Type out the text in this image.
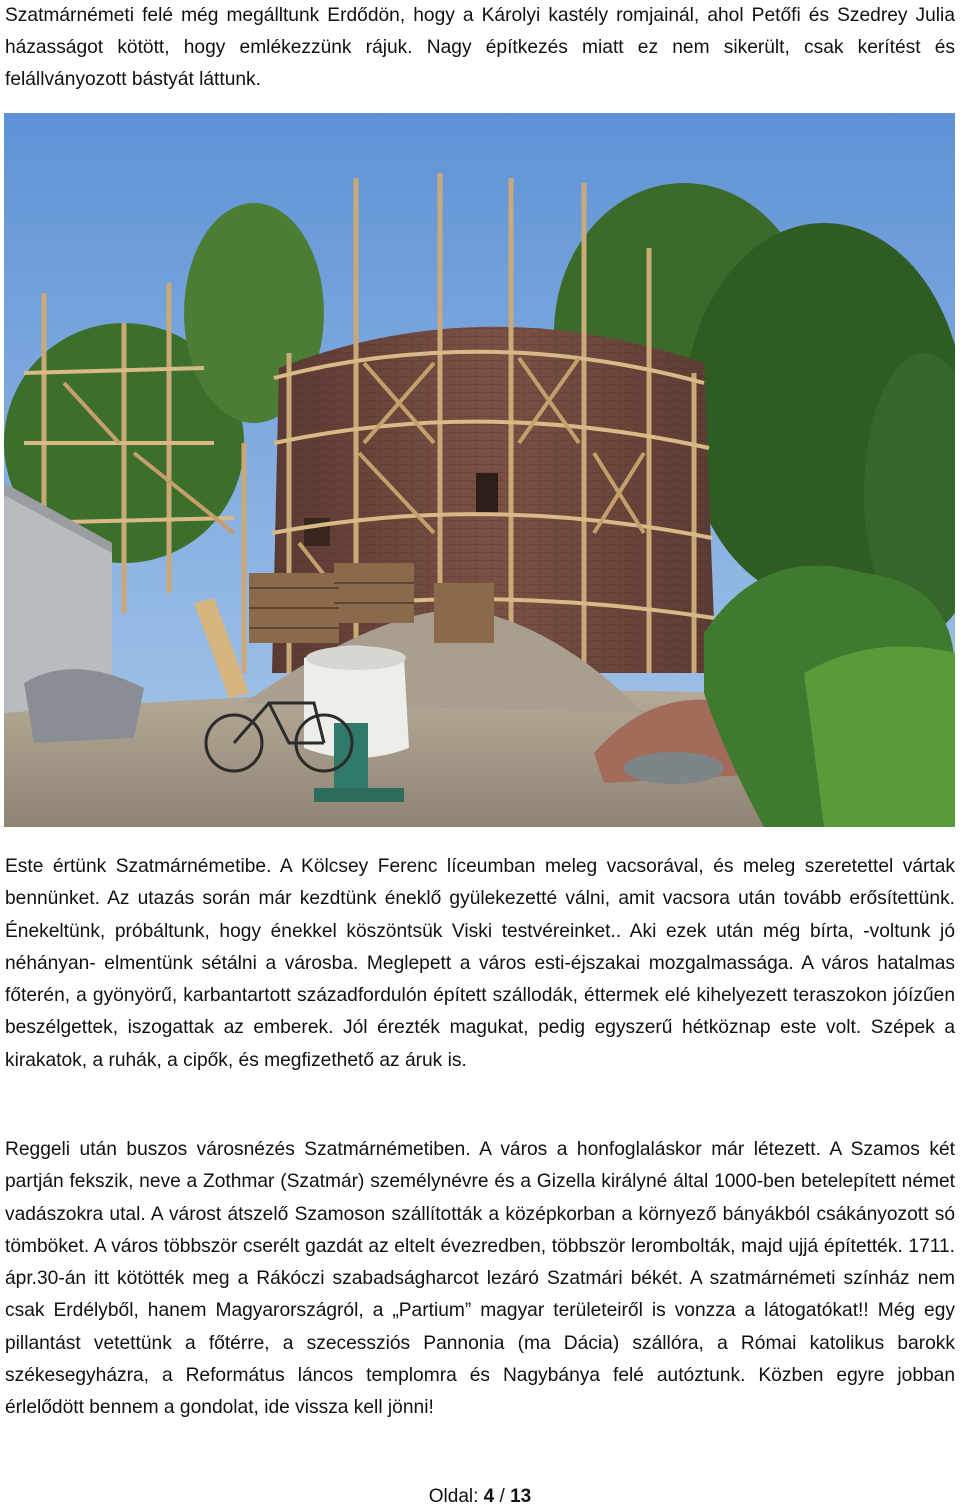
Szatmárnémeti felé még megálltunk Erdődön, hogy a Károlyi kastély romjainál, ahol Petőfi és Szedrey Julia házasságot kötött, hogy emlékezzünk rájuk. Nagy építkezés miatt ez nem sikerült, csak kerítést és felállványozott bástyát láttunk.

Este értünk Szatmárnémetibe. A Kölcsey Ferenc líceumban meleg vacsorával, és meleg szeretettel vártak bennünket. Az utazás során már kezdtünk éneklő gyülekezetté válni, amit vacsora után tovább erősítettünk. Énekeltünk, próbáltunk, hogy énekkel köszöntsük Viski testvéreinket.. Aki ezek után még bírta, -voltunk jó néhányan- elmentünk sétálni a városba. Meglepett a város esti-éjszakai mozgalmassága. A város hatalmas főterén, a gyönyörű, karbantartott századfordulón épített szállodák, éttermek elé kihelyezett teraszokon jóízűen beszélgettek, iszogattak az emberek. Jól érezték magukat, pedig egyszerű hétköznap este volt. Szépek a kirakatok, a ruhák, a cipők, és megfizethető az áruk is.

Reggeli után buszos városnézés Szatmárnémetiben. A város a honfoglaláskor már létezett. A Szamos két partján fekszik, neve a Zothmar (Szatmár) személynévre és a Gizella királyné által 1000-ben betelepített német vadászokra utal. A várost átszelő Szamoson szállították a középkorban a környező bányákból csákányozott só tömböket. A város többször cserélt gazdát az eltelt évezredben, többször lerombolták, majd ujjá építették. 1711. ápr.30-án itt kötötték meg a Rákóczi szabadságharcot lezáró Szatmári békét. A szatmárnémeti színház nem csak Erdélyből, hanem Magyarországról, a „Partium” magyar területeiről is vonzza a látogatókat!! Még egy pillantást vetettünk a főtérre, a szecessziós Pannonia (ma Dácia) szállóra, a Római katolikus barokk székesegyházra, a Református láncos templomra és Nagybánya felé autóztunk. Közben egyre jobban érlelődött bennem a gondolat, ide vissza kell jönni!

Oldal: 4 / 13
